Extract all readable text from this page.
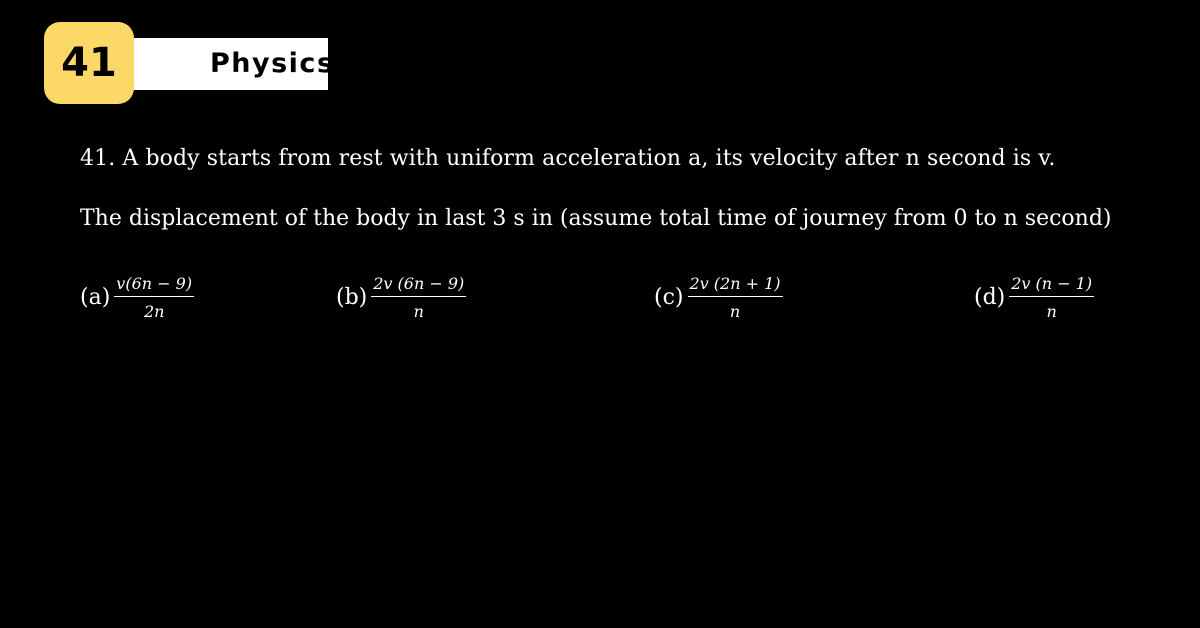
Physics
41
41. A body starts from rest with uniform acceleration a, its velocity after n second is v.
The displacement of the body in last 3 s in (assume total time of journey from 0 to n second)
$(a) \frac{v(6n - 9)}{2n}$	$(b) \frac{2v (6n - 9)}{n}$	$(c) \frac{2v (2n + 1)}{n}$	$(d) \frac{2v (n - 1)}{n}$
